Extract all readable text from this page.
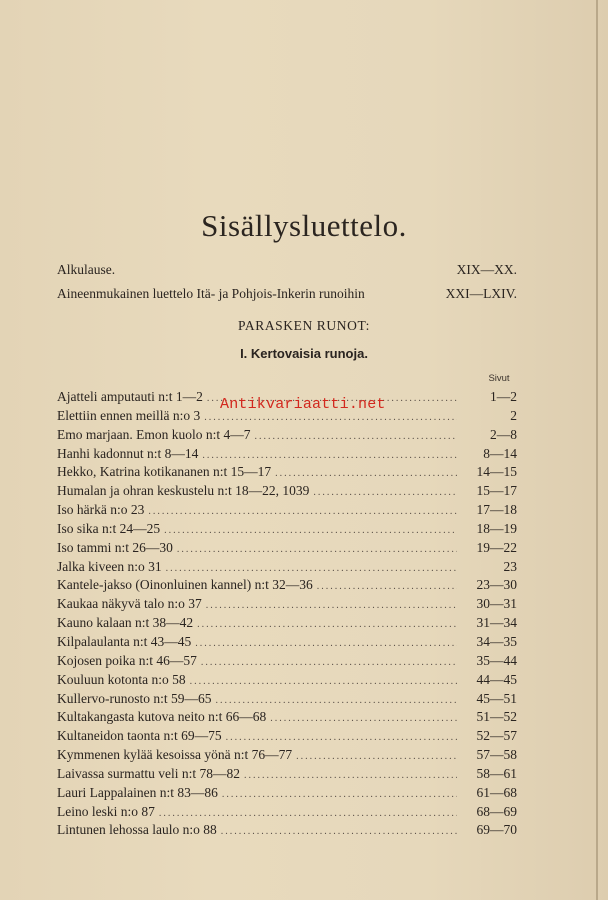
Sisällysluettelo.
Alkulause.	XIX—XX.
Aineenmukainen luettelo Itä- ja Pohjois-Inkerin runoihin	XXI—LXIV.
PARASKEN RUNOT:
I. Kertovaisia runoja.
Sivut
Ajatteli amputauti n:t 1—2 .....	1—2
Elettiin ennen meillä n:o 3 .....	2
Emo marjaan. Emon kuolo n:t 4—7 .....	2—8
Hanhi kadonnut n:t 8—14 .....	8—14
Hekko, Katrina kotikananen n:t 15—17 .....	14—15
Humalan ja ohran keskustelu n:t 18—22, 1039 .....	15—17
Iso härkä n:o 23 .....	17—18
Iso sika n:t 24—25 .....	18—19
Iso tammi n:t 26—30 .....	19—22
Jalka kiveen n:o 31 .....	23
Kantele-jakso (Oinonluinen kannel) n:t 32—36 .....	23—30
Kaukaa näkyvä talo n:o 37 .....	30—31
Kauno kalaan n:t 38—42 .....	31—34
Kilpalaulanta n:t 43—45 .....	34—35
Kojosen poika n:t 46—57 .....	35—44
Kouluun kotonta n:o 58 .....	44—45
Kullervo-runosto n:t 59—65 .....	45—51
Kultakangasta kutova neito n:t 66—68 .....	51—52
Kultaneidon taonta n:t 69—75 .....	52—57
Kymmenen kylää kesoissa yönä n:t 76—77 .....	57—58
Laivassa surmattu veli n:t 78—82 .....	58—61
Lauri Lappalainen n:t 83—86 .....	61—68
Leino leski n:o 87 .....	68—69
Lintunen lehossa laulo n:o 88 .....	69—70
Antikvariaatti.net
